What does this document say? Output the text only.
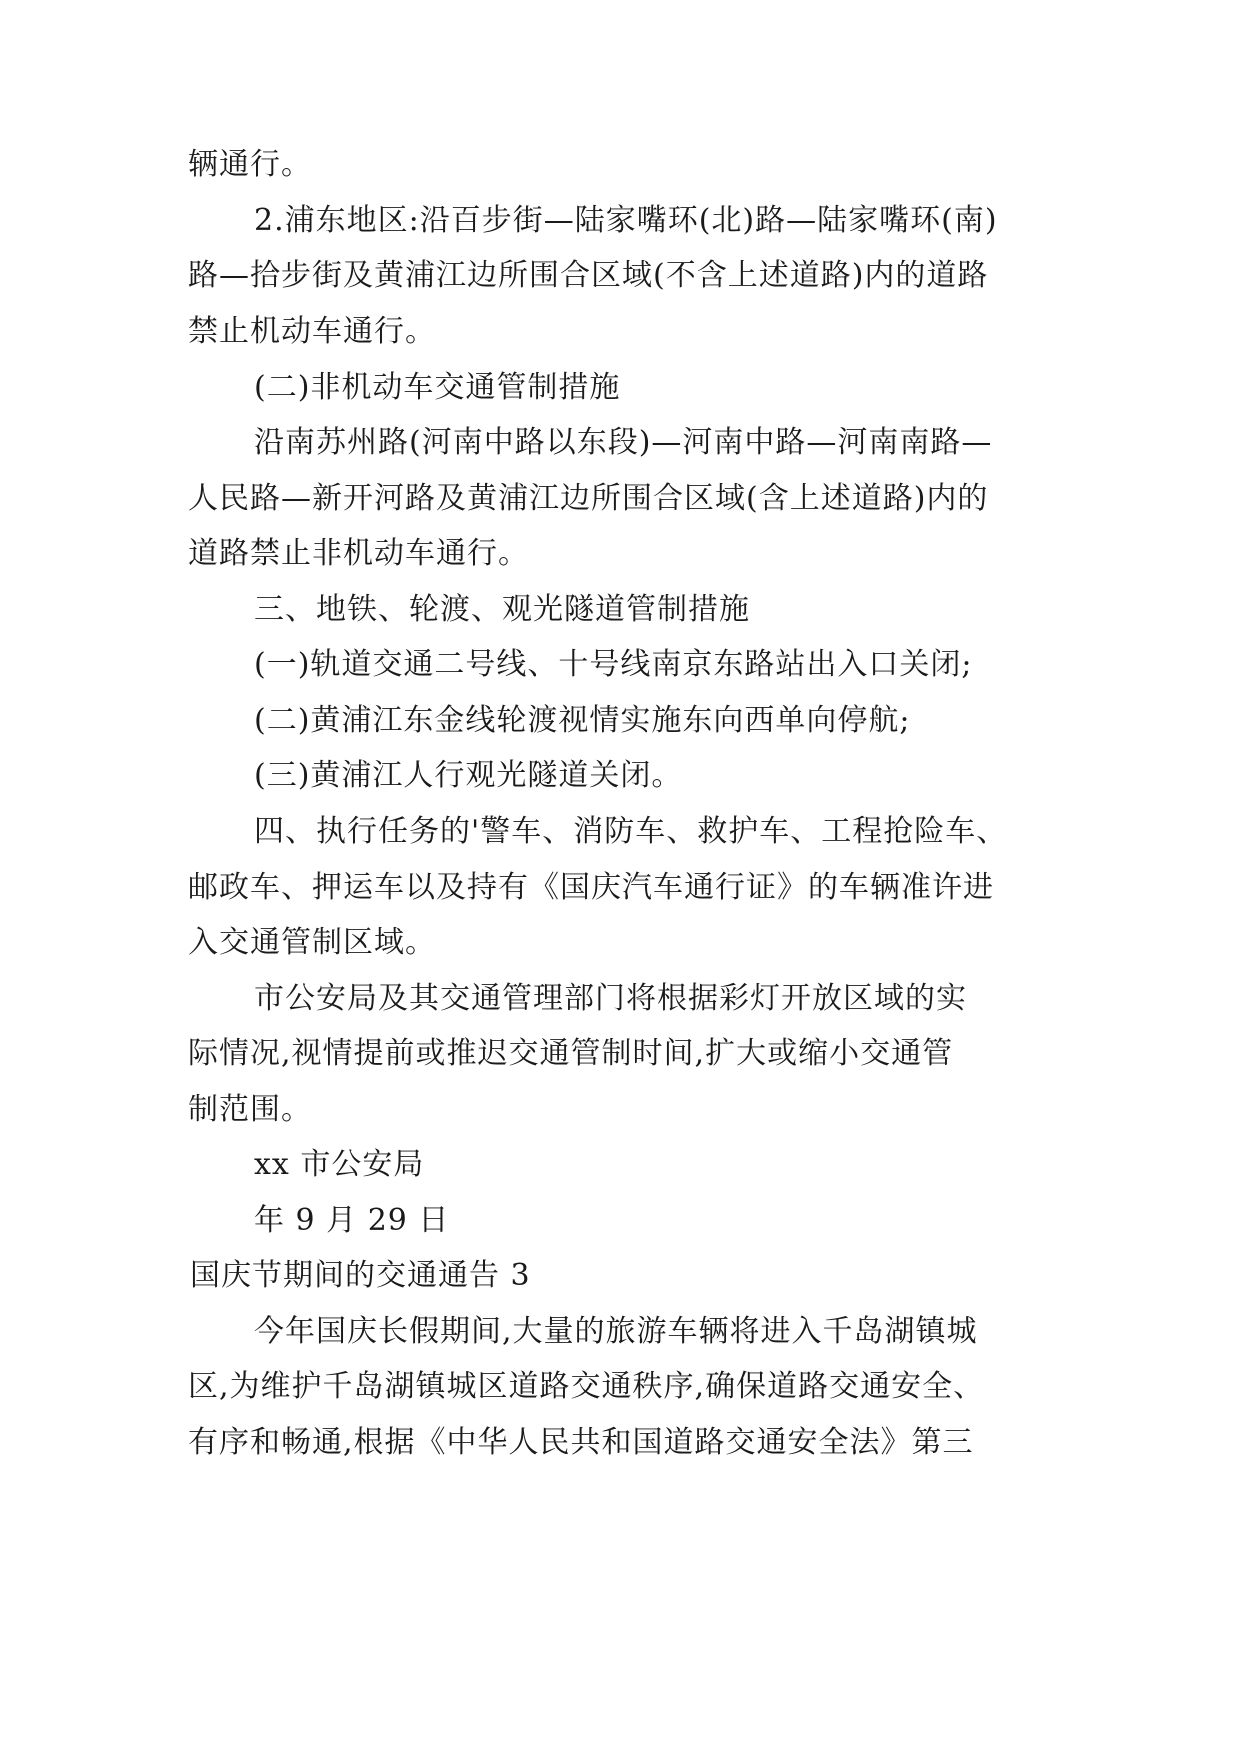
辆通行。
2.浦东地区:沿百步街—陆家嘴环(北)路—陆家嘴环(南)
路—拾步街及黄浦江边所围合区域(不含上述道路)内的道路
禁止机动车通行。
(二)非机动车交通管制措施
沿南苏州路(河南中路以东段)—河南中路—河南南路—
人民路—新开河路及黄浦江边所围合区域(含上述道路)内的
道路禁止非机动车通行。
三、地铁、轮渡、观光隧道管制措施
(一)轨道交通二号线、十号线南京东路站出入口关闭;
(二)黄浦江东金线轮渡视情实施东向西单向停航;
(三)黄浦江人行观光隧道关闭。
四、执行任务的'警车、消防车、救护车、工程抢险车、
邮政车、押运车以及持有《国庆汽车通行证》的车辆准许进
入交通管制区域。
市公安局及其交通管理部门将根据彩灯开放区域的实
际情况,视情提前或推迟交通管制时间,扩大或缩小交通管
制范围。
xx 市公安局
年 9 月 29 日
国庆节期间的交通通告 3
今年国庆长假期间,大量的旅游车辆将进入千岛湖镇城
区,为维护千岛湖镇城区道路交通秩序,确保道路交通安全、
有序和畅通,根据《中华人民共和国道路交通安全法》第三
